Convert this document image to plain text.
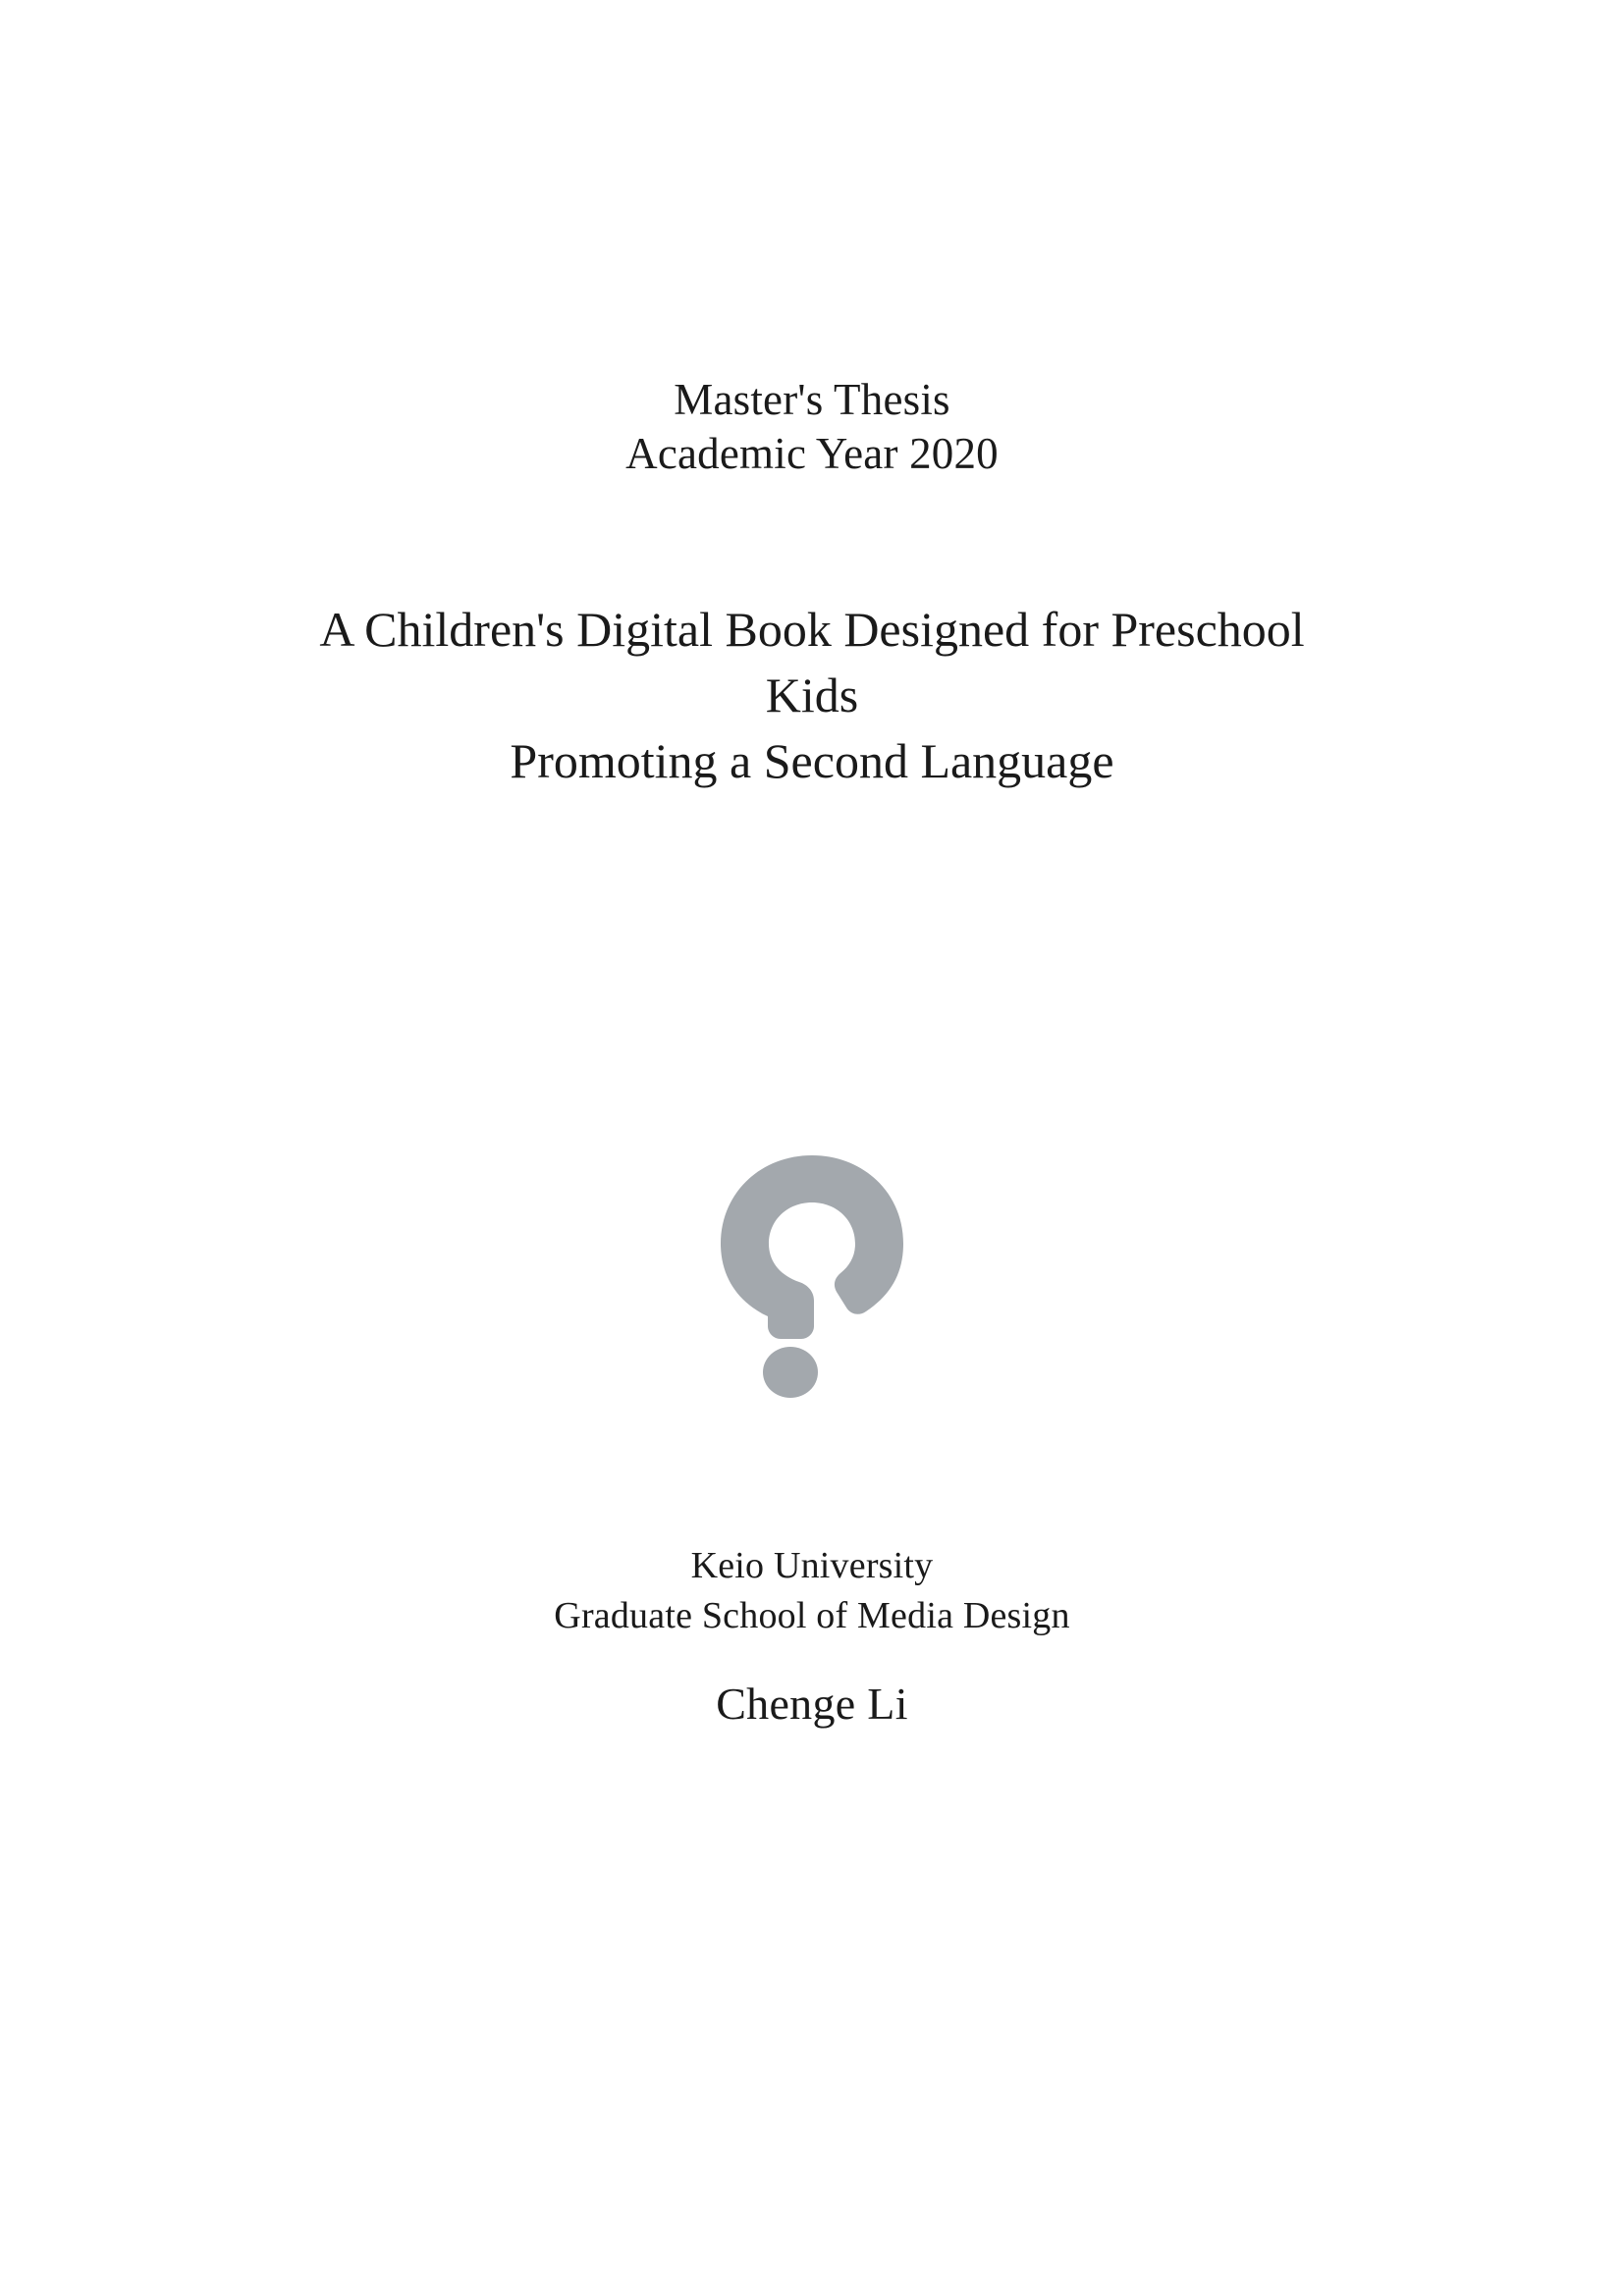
Master's Thesis
Academic Year 2020
A Children's Digital Book Designed for Preschool
Kids
Promoting a Second Language
Keio University
Graduate School of Media Design
Chenge Li
